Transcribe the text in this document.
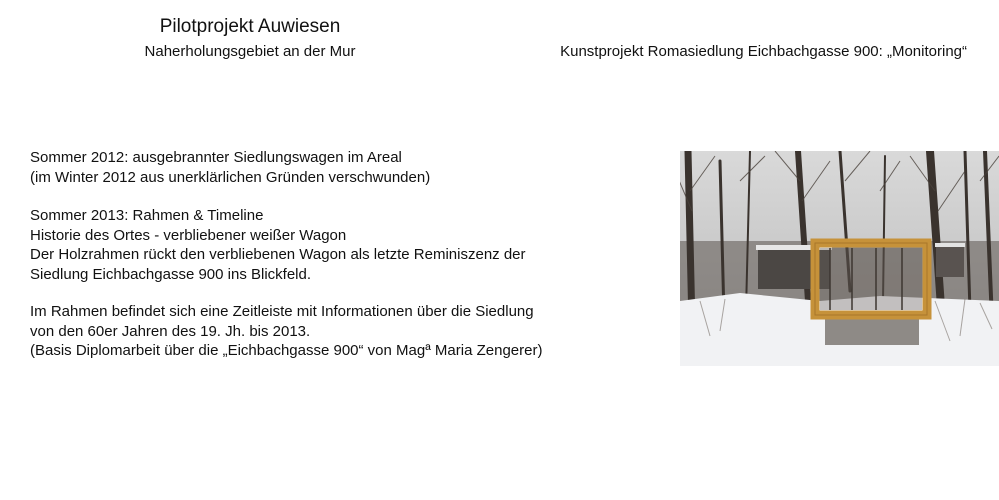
Pilotprojekt Auwiesen
Naherholungsgebiet an der Mur	Kunstprojekt Romasiedlung Eichbachgasse 900: „Monitoring“
Sommer 2012: ausgebrannter Siedlungswagen im Areal
(im Winter 2012 aus unerklärlichen Gründen verschwunden)
Sommer 2013: Rahmen & Timeline
Historie des Ortes - verbliebener weißer Wagon
Der Holzrahmen rückt den verbliebenen Wagon als letzte Reminiszenz der
Siedlung Eichbachgasse 900 ins Blickfeld.
Im Rahmen befindet sich eine Zeitleiste mit Informationen über die Siedlung
von den 60er Jahren des 19. Jh. bis 2013.
(Basis Diplomarbeit über die „Eichbachgasse 900“ von Magª Maria Zengerer)
